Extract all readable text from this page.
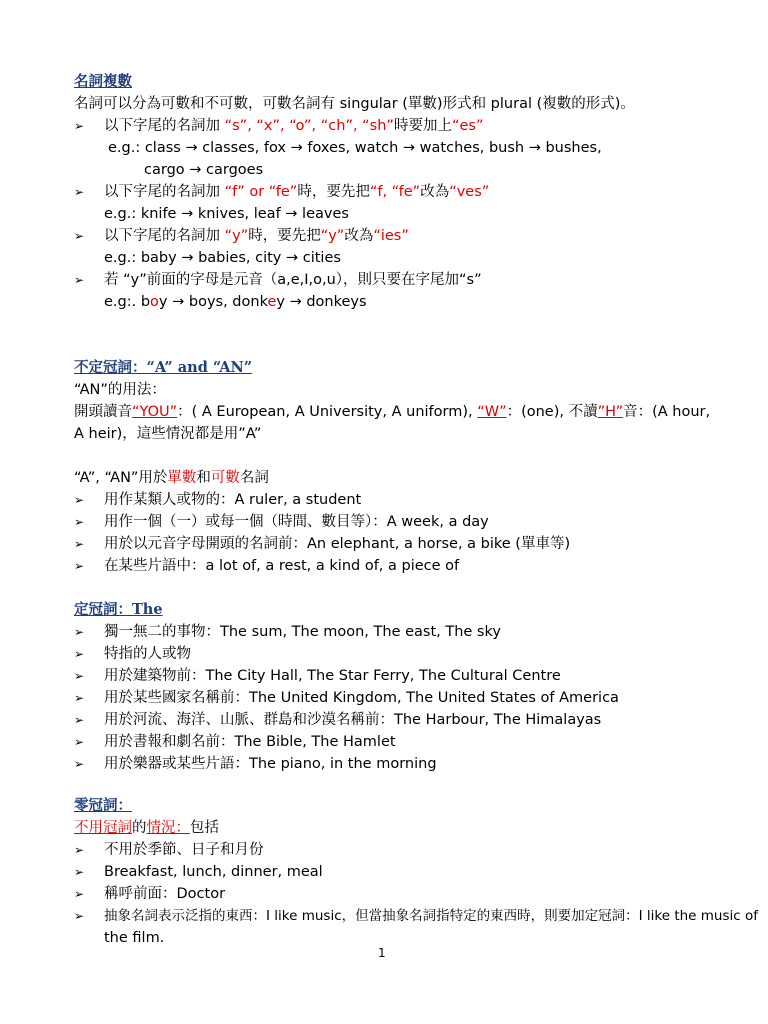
名詞複數
名詞可以分為可數和不可數，可數名詞有 singular (單數)形式和 plural (複數的形式)。
➢	以下字尾的名詞加 “s”, “x”, “o”, “ch”, “sh”時要加上“es”
e.g.: class → classes, fox → foxes, watch → watches, bush → bushes,
cargo → cargoes
➢	以下字尾的名詞加 “f” or “fe”時，要先把“f, “fe”改為“ves”
e.g.: knife → knives, leaf → leaves
➢	以下字尾的名詞加 “y”時，要先把“y”改為“ies”
e.g.: baby → babies, city → cities
➢	若 “y”前面的字母是元音（a,e,I,o,u），則只要在字尾加“s”
e.g:. boy → boys, donkey → donkeys
不定冠詞：“A” and “AN”
“AN”的用法：
開頭讀音“YOU”：( A European, A University, A uniform), “W”：(one), 不讀”H”音：(A hour,
A heir)，這些情況都是用”A”
“A”, “AN”用於單數和可數名詞
➢	用作某類人或物的：A ruler, a student
➢	用作一個（一）或每一個（時間、數目等）：A week, a day
➢	用於以元音字母開頭的名詞前：An elephant, a horse, a bike (單車等)
➢	在某些片語中：a lot of, a rest, a kind of, a piece of
定冠詞：The
➢	獨一無二的事物：The sum, The moon, The east, The sky
➢	特指的人或物
➢	用於建築物前：The City Hall, The Star Ferry, The Cultural Centre
➢	用於某些國家名稱前：The United Kingdom, The United States of America
➢	用於河流、海洋、山脈、群島和沙漠名稱前：The Harbour, The Himalayas
➢	用於書報和劇名前：The Bible, The Hamlet
➢	用於樂器或某些片語：The piano, in the morning
零冠詞：
不用冠詞的情況：包括
➢	不用於季節、日子和月份
➢	Breakfast, lunch, dinner, meal
➢	稱呼前面：Doctor
➢	抽象名詞表示泛指的東西：I like music，但當抽象名詞指特定的東西時，則要加定冠詞：I like the music of
the film.
1
